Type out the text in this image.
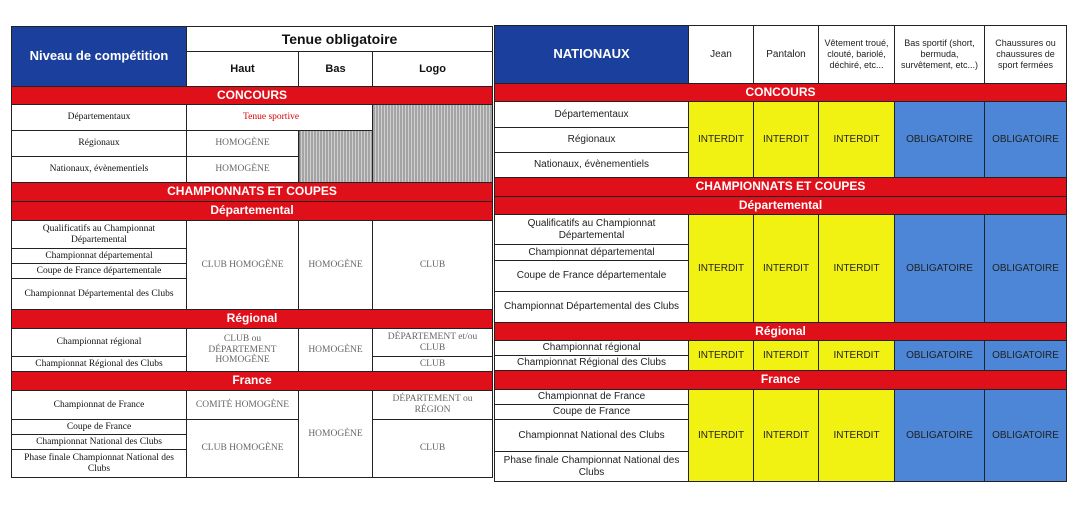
Niveau de compétition	Tenue obligatoire		
	Haut	Bas	Logo
CONCOURS			
Départementaux	Tenue sportive		
Régionaux	HOMOGÈNE		
Nationaux, évènementiels	HOMOGÈNE		
CHAMPIONNATS ET COUPES			
Départemental			
Qualificatifs au Championnat Départemental	CLUB HOMOGÈNE	HOMOGÈNE	CLUB
Championnat départemental			
Coupe de France départementale			
Championnat Départemental des Clubs			
Régional			
Championnat régional	CLUB ou DÉPARTEMENT HOMOGÈNE	HOMOGÈNE	DÉPARTEMENT et/ou CLUB
Championnat Régional des Clubs			CLUB
France			
Championnat de France	COMITÉ HOMOGÈNE	HOMOGÈNE	DÉPARTEMENT ou RÉGION
Coupe de France	CLUB HOMOGÈNE		CLUB
Championnat National des Clubs			
Phase finale Championnat National des Clubs			
NATIONAUX	Jean	Pantalon	Vêtement troué, clouté, bariolé, déchiré, etc...	Bas sportif (short, bermuda, survêtement, etc...)	Chaussures ou chaussures de sport fermées
CONCOURS					
Départementaux	INTERDIT	INTERDIT	INTERDIT	OBLIGATOIRE	OBLIGATOIRE
Régionaux					
Nationaux, évènementiels					
CHAMPIONNATS ET COUPES					
Départemental					
Qualificatifs au Championnat Départemental	INTERDIT	INTERDIT	INTERDIT	OBLIGATOIRE	OBLIGATOIRE
Championnat départemental					
Coupe de France départementale					
Championnat Départemental des Clubs					
Régional					
Championnat régional	INTERDIT	INTERDIT	INTERDIT	OBLIGATOIRE	OBLIGATOIRE
Championnat Régional des Clubs					
France					
Championnat de France	INTERDIT	INTERDIT	INTERDIT	OBLIGATOIRE	OBLIGATOIRE
Coupe de France					
Championnat National des Clubs					
Phase finale Championnat National des Clubs					
